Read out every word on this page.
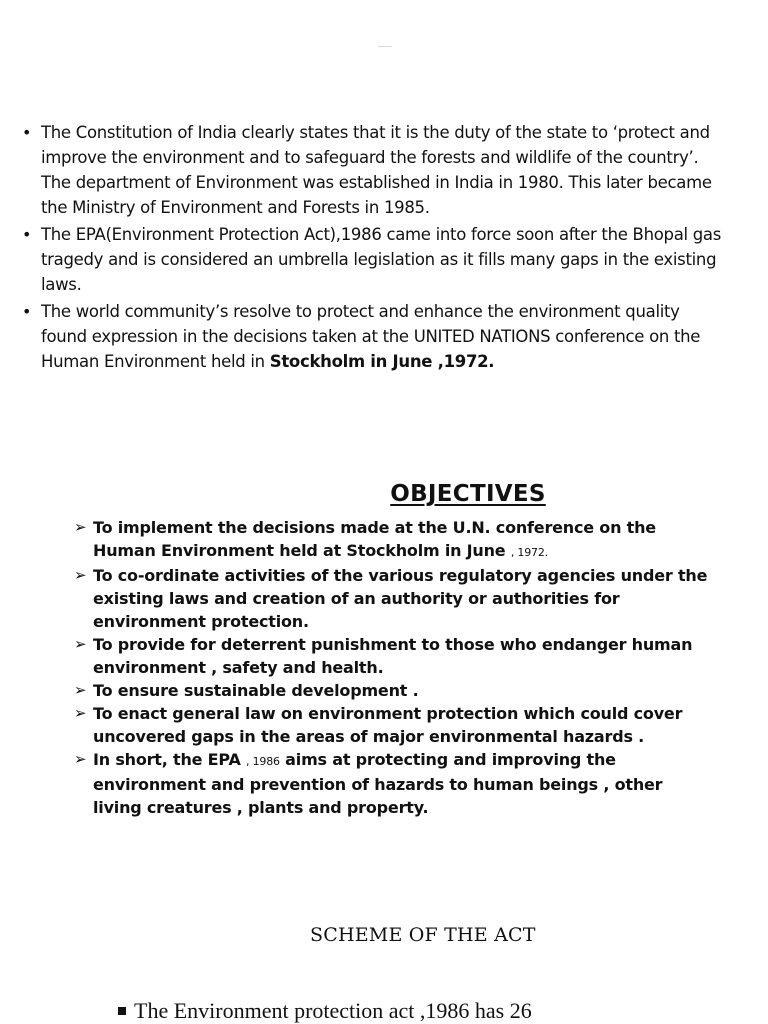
• The Constitution of India clearly states that it is the duty of the state to ‘protect and improve the environment and to safeguard the forests and wildlife of the country’. The department of Environment was established in India in 1980. This later became the Ministry of Environment and Forests in 1985.
• The EPA(Environment Protection Act),1986 came into force soon after the Bhopal gas tragedy and is considered an umbrella legislation as it fills many gaps in the existing laws.
• The world community’s resolve to protect and enhance the environment quality found expression in the decisions taken at the UNITED NATIONS conference on the Human Environment held in Stockholm in June ,1972.
OBJECTIVES
➢ To implement the decisions made at the U.N. conference on the Human Environment held at Stockholm in June , 1972.
➢ To co-ordinate activities of the various regulatory agencies under the existing laws and creation of an authority or authorities for environment protection.
➢ To provide for deterrent punishment to those who endanger human environment , safety and health.
➢ To ensure sustainable development .
➢ To enact general law on environment protection which could cover uncovered gaps in the areas of major environmental hazards .
➢ In short, the EPA , 1986 aims at protecting and improving the environment and prevention of hazards to human beings , other living creatures , plants and property.
SCHEME OF THE ACT
The Environment protection act ,1986 has 26
